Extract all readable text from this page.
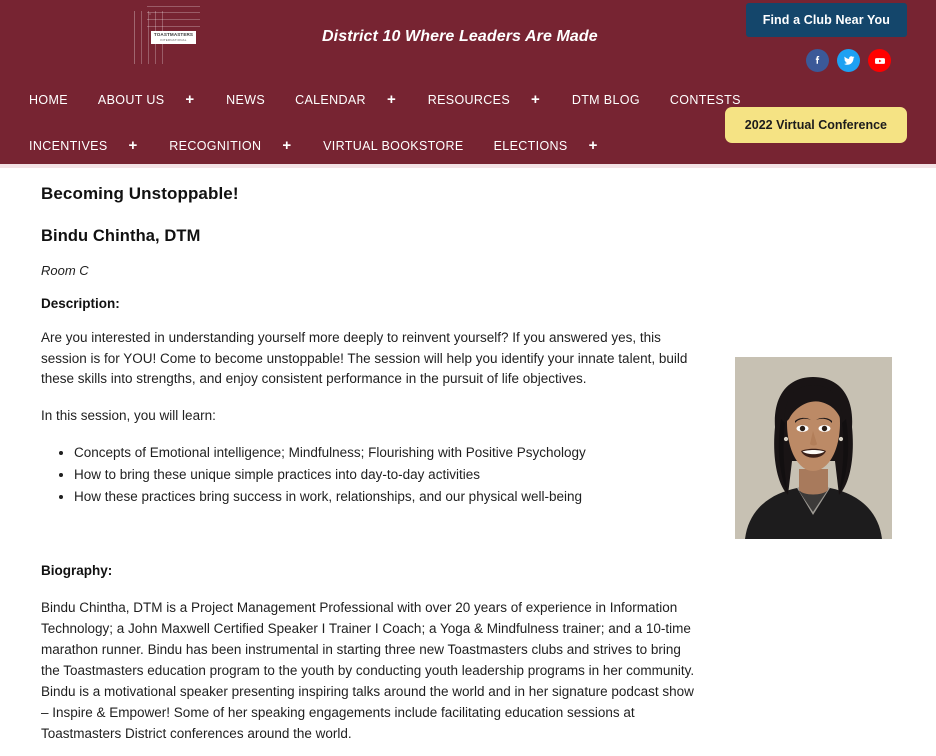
District 10 Where Leaders Are Made
Find a Club Near You
2022 Virtual Conference
HOME ABOUT US +	NEWS CALENDAR +	RESOURCES +	DTM BLOG CONTESTS
INCENTIVES +	RECOGNITION +	VIRTUAL BOOKSTORE ELECTIONS +
Becoming Unstoppable!
Bindu Chintha, DTM

Room C

Description:

Are you interested in understanding yourself more deeply to reinvent yourself? If you answered yes, this session is for YOU! Come to become unstoppable! The session will help you identify your innate talent, build these skills into strengths, and enjoy consistent performance in the pursuit of life objectives.

In this session, you will learn:

• Concepts of Emotional intelligence; Mindfulness; Flourishing with Positive Psychology
• How to bring these unique simple practices into day-to-day activities
• How these practices bring success in work, relationships, and our physical well-being

Biography:

Bindu Chintha, DTM is a Project Management Professional with over 20 years of experience in Information Technology; a John Maxwell Certified Speaker I Trainer I Coach; a Yoga & Mindfulness trainer; and a 10-time marathon runner. Bindu has been instrumental in starting three new Toastmasters clubs and strives to bring the Toastmasters education program to the youth by conducting youth leadership programs in her community. Bindu is a motivational speaker presenting inspiring talks around the world and in her signature podcast show – Inspire & Empower! Some of her speaking engagements include facilitating education sessions at Toastmasters District conferences around the world.
